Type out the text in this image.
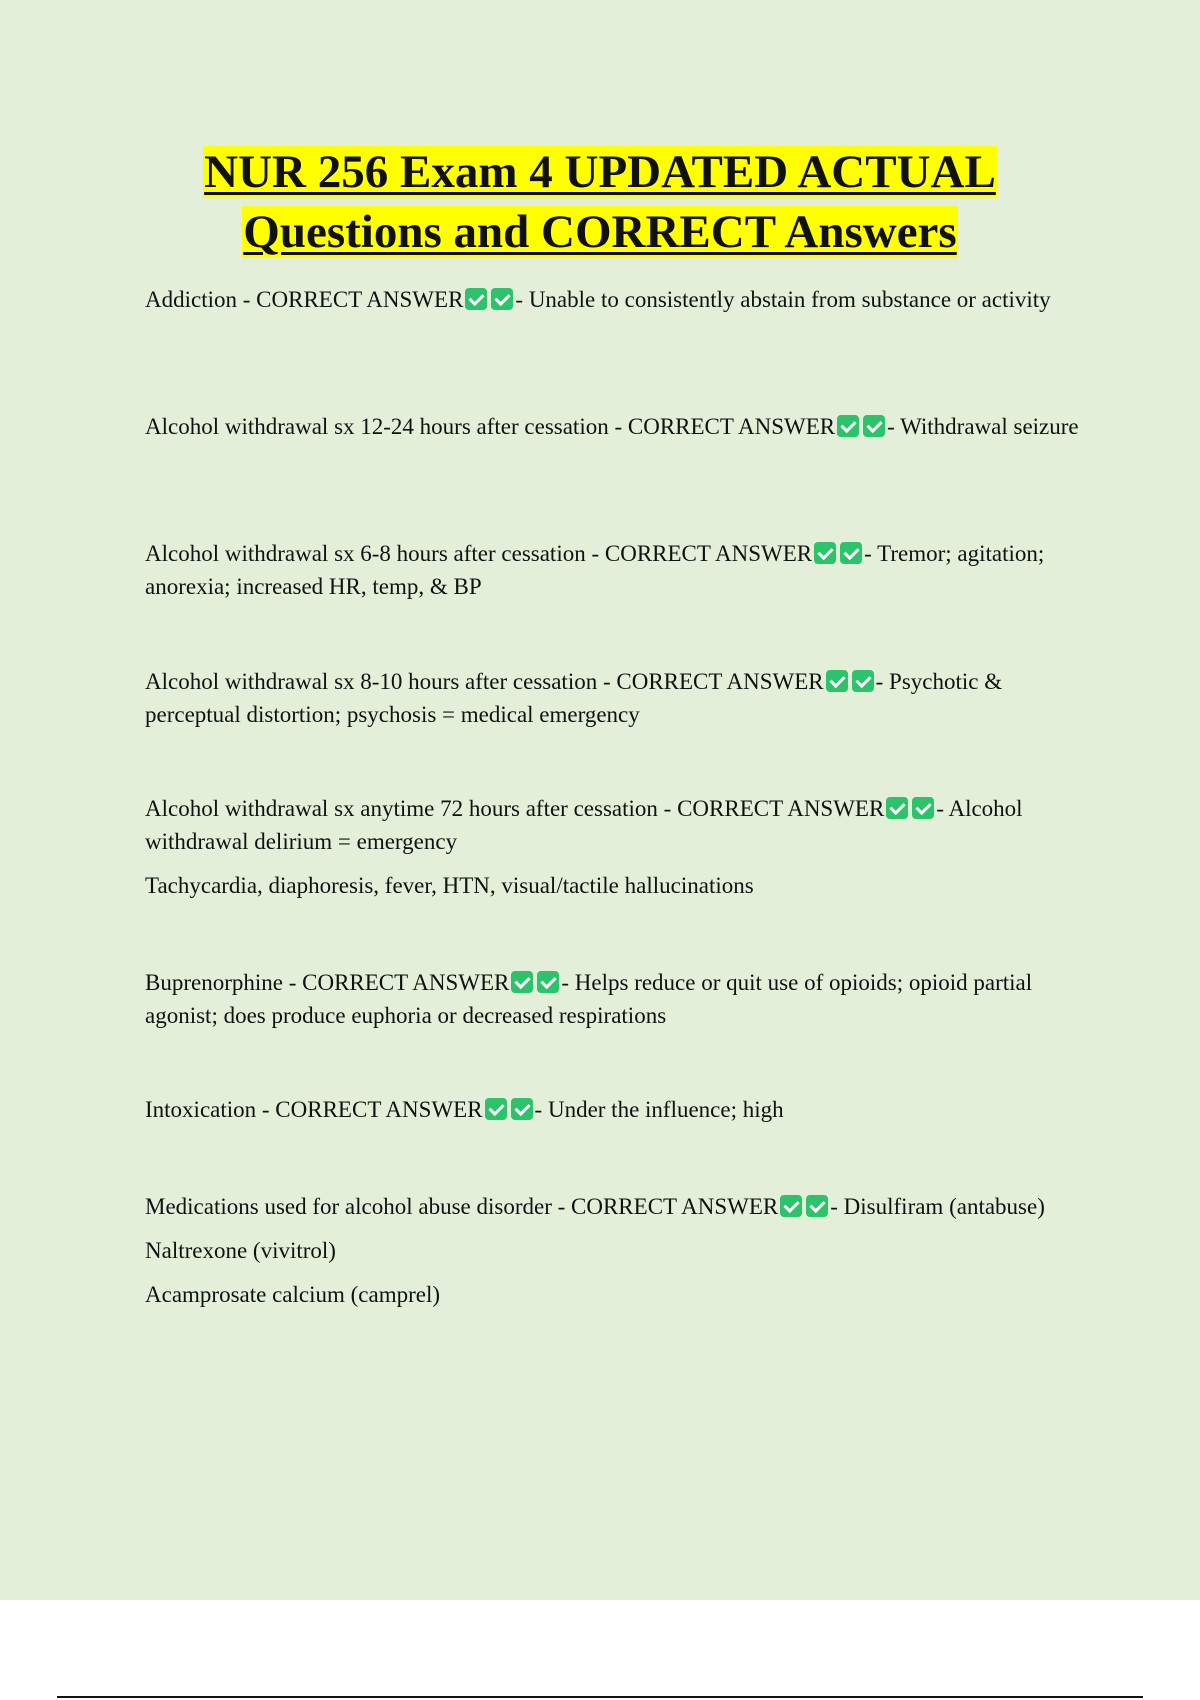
NUR 256 Exam 4 UPDATED ACTUAL
Questions and CORRECT Answers
Addiction - CORRECT ANSWER - Unable to consistently abstain from substance or activity
Alcohol withdrawal sx 12-24 hours after cessation - CORRECT ANSWER - Withdrawal seizure
Alcohol withdrawal sx 6-8 hours after cessation - CORRECT ANSWER - Tremor; agitation; anorexia; increased HR, temp, & BP
Alcohol withdrawal sx 8-10 hours after cessation - CORRECT ANSWER - Psychotic & perceptual distortion; psychosis = medical emergency
Alcohol withdrawal sx anytime 72 hours after cessation - CORRECT ANSWER - Alcohol withdrawal delirium = emergency
Tachycardia, diaphoresis, fever, HTN, visual/tactile hallucinations
Buprenorphine - CORRECT ANSWER - Helps reduce or quit use of opioids; opioid partial agonist; does produce euphoria or decreased respirations
Intoxication - CORRECT ANSWER - Under the influence; high
Medications used for alcohol abuse disorder - CORRECT ANSWER - Disulfiram (antabuse)
Naltrexone (vivitrol)
Acamprosate calcium (camprel)
